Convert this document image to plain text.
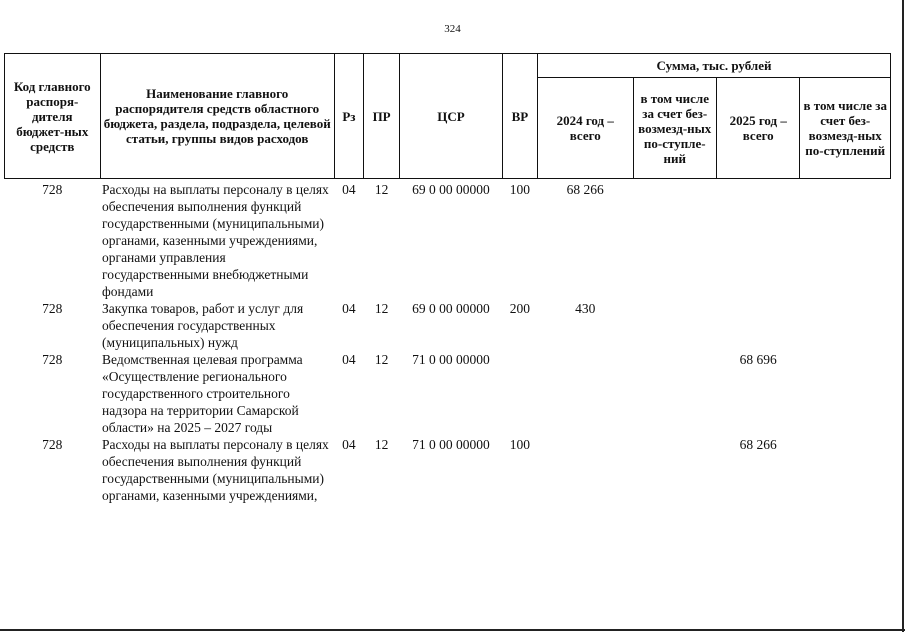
324
Код главного распоря-дителя бюджет-ных средств	Наименование главного распорядителя средств областного бюджета, раздела, подраздела, целевой статьи, группы видов расходов	Рз	ПР	ЦСР	ВР	Сумма, тыс. рублей			
						2024 год – всего	в том числе за счет без-возмезд-ных по-ступле-ний	2025 год – всего	в том числе за счет без-возмезд-ных по-ступлений
728	Расходы на выплаты персоналу в целях обеспечения выполнения функций государственными (муниципальными) органами, казенными учреждениями, органами управления государственными внебюджетными фондами	04	12	69 0 00 00000	100	68 266			
728	Закупка товаров, работ и услуг для обеспечения государственных (муниципальных) нужд	04	12	69 0 00 00000	200	430			
728	Ведомственная целевая программа «Осуществление регионального государственного строительного надзора на территории Самарской области» на 2025 – 2027 годы	04	12	71 0 00 00000				68 696	
728	Расходы на выплаты персоналу в целях обеспечения выполнения функций государственными (муниципальными) органами, казенными учреждениями,	04	12	71 0 00 00000	100			68 266	
